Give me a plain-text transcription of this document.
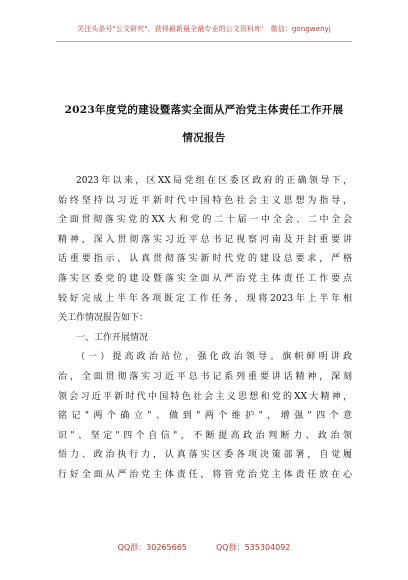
关注头条号"公文研究"，获得最新最全最专业的公文资料库！ 微信：gongwenyj
2023年度党的建设暨落实全面从严治党主体责任工作开展
情况报告
2023年以来，区XX局党组在区委区政府的正确领导下，
始终坚持以习近平新时代中国特色社会主义思想为指导，
全面贯彻落实党的XX大和党的二十届一中全会、二中全会
精神，深入贯彻落实习近平总书记视察河南及开封重要讲
话重要指示，认真贯彻落实新时代党的建设总要求，严格
落实区委党的建设暨落实全面从严治党主体责任工作要点
较好完成上半年各项既定工作任务，现将2023年上半年相
关工作情况报告如下：
一、工作开展情况
（一）提高政治站位，强化政治领导。旗帜鲜明讲政
治，全面贯彻落实习近平总书记系列重要讲话精神，深刻
领会习近平新时代中国特色社会主义思想和党的XX大精神，
铭记"两个确立"、做到"两个维护"，增强"四个意
识"、坚定"四个自信"，不断提高政治判断力、政治领
悟力、政治执行力，认真落实区委各项决策部署，自觉履
行好全面从严治党主体责任，将管党治党主体责任放在心
QQ群：30265665	QQ群：535304092
